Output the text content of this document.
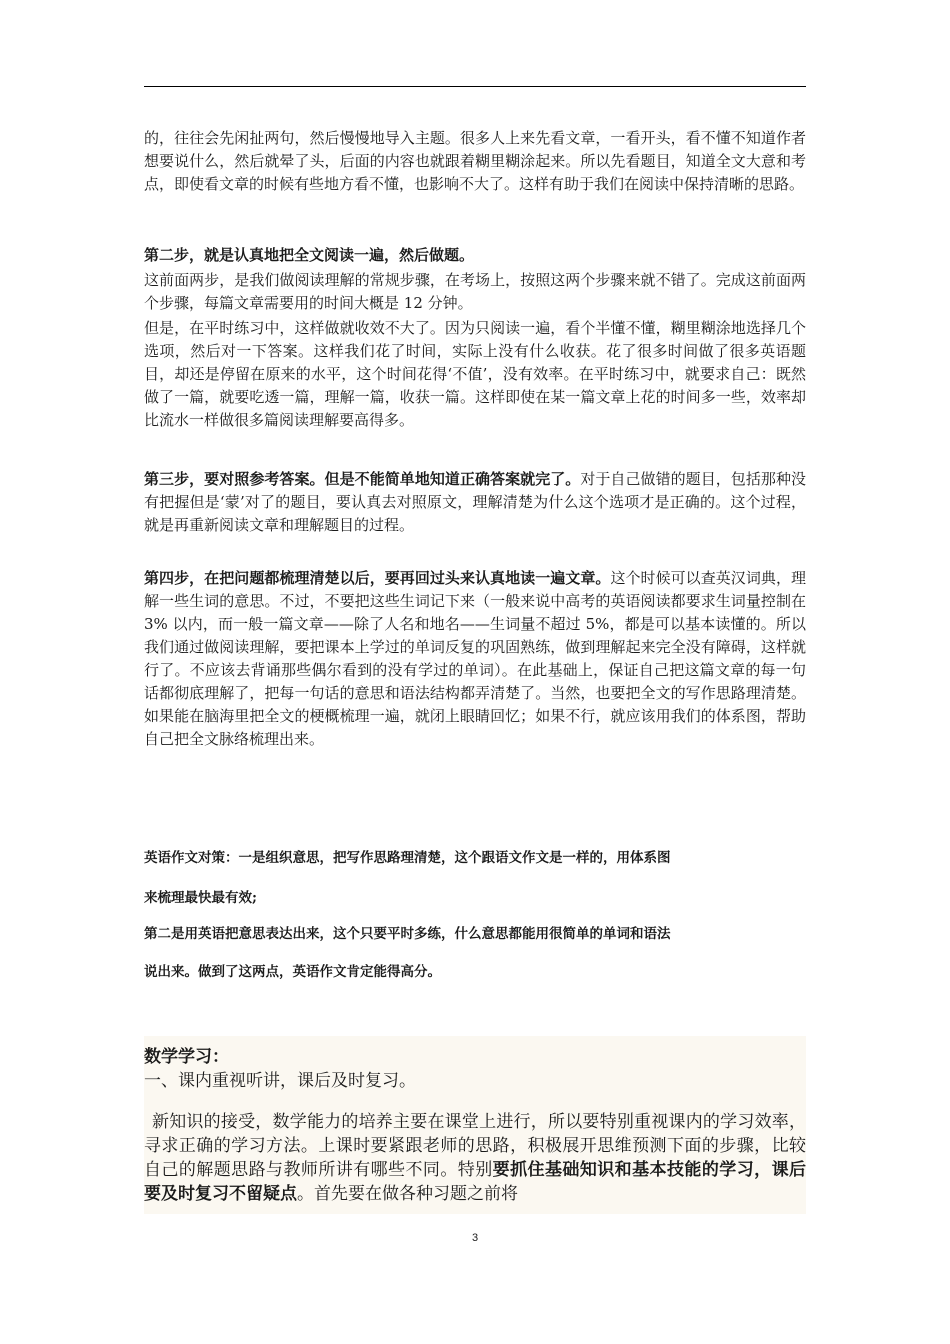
的，往往会先闲扯两句，然后慢慢地导入主题。很多人上来先看文章，一看开头，看不懂不知道作者想要说什么，然后就晕了头，后面的内容也就跟着糊里糊涂起来。所以先看题目，知道全文大意和考点，即使看文章的时候有些地方看不懂，也影响不大了。这样有助于我们在阅读中保持清晰的思路。

第二步，就是认真地把全文阅读一遍，然后做题。

这前面两步，是我们做阅读理解的常规步骤，在考场上，按照这两个步骤来就不错了。完成这前面两个步骤，每篇文章需要用的时间大概是 12 分钟。

但是，在平时练习中，这样做就收效不大了。因为只阅读一遍，看个半懂不懂，糊里糊涂地选择几个选项，然后对一下答案。这样我们花了时间，实际上没有什么收获。花了很多时间做了很多英语题目，却还是停留在原来的水平，这个时间花得‘不值’，没有效率。在平时练习中，就要求自己：既然做了一篇，就要吃透一篇，理解一篇，收获一篇。这样即使在某一篇文章上花的时间多一些，效率却比流水一样做很多篇阅读理解要高得多。

第三步，要对照参考答案。但是不能简单地知道正确答案就完了。对于自己做错的题目，包括那种没有把握但是‘蒙’对了的题目，要认真去对照原文，理解清楚为什么这个选项才是正确的。这个过程，就是再重新阅读文章和理解题目的过程。

第四步，在把问题都梳理清楚以后，要再回过头来认真地读一遍文章。这个时候可以查英汉词典，理解一些生词的意思。不过，不要把这些生词记下来（一般来说中高考的英语阅读都要求生词量控制在 3% 以内，而一般一篇文章——除了人名和地名——生词量不超过 5%，都是可以基本读懂的。所以我们通过做阅读理解，要把课本上学过的单词反复的巩固熟练，做到理解起来完全没有障碍，这样就行了。不应该去背诵那些偶尔看到的没有学过的单词）。在此基础上，保证自己把这篇文章的每一句话都彻底理解了，把每一句话的意思和语法结构都弄清楚了。当然，也要把全文的写作思路理清楚。如果能在脑海里把全文的梗概梳理一遍，就闭上眼睛回忆；如果不行，就应该用我们的体系图，帮助自己把全文脉络梳理出来。

英语作文对策：一是组织意思，把写作思路理清楚，这个跟语文作文是一样的，用体系图

来梳理最快最有效;

第二是用英语把意思表达出来，这个只要平时多练，什么意思都能用很简单的单词和语法

说出来。做到了这两点，英语作文肯定能得高分。

数学学习：

一、课内重视听讲，课后及时复习。

新知识的接受，数学能力的培养主要在课堂上进行，所以要特别重视课内的学习效率，寻求正确的学习方法。上课时要紧跟老师的思路，积极展开思维预测下面的步骤，比较自己的解题思路与教师所讲有哪些不同。特别要抓住基础知识和基本技能的学习，课后要及时复习不留疑点。首先要在做各种习题之前将

3
